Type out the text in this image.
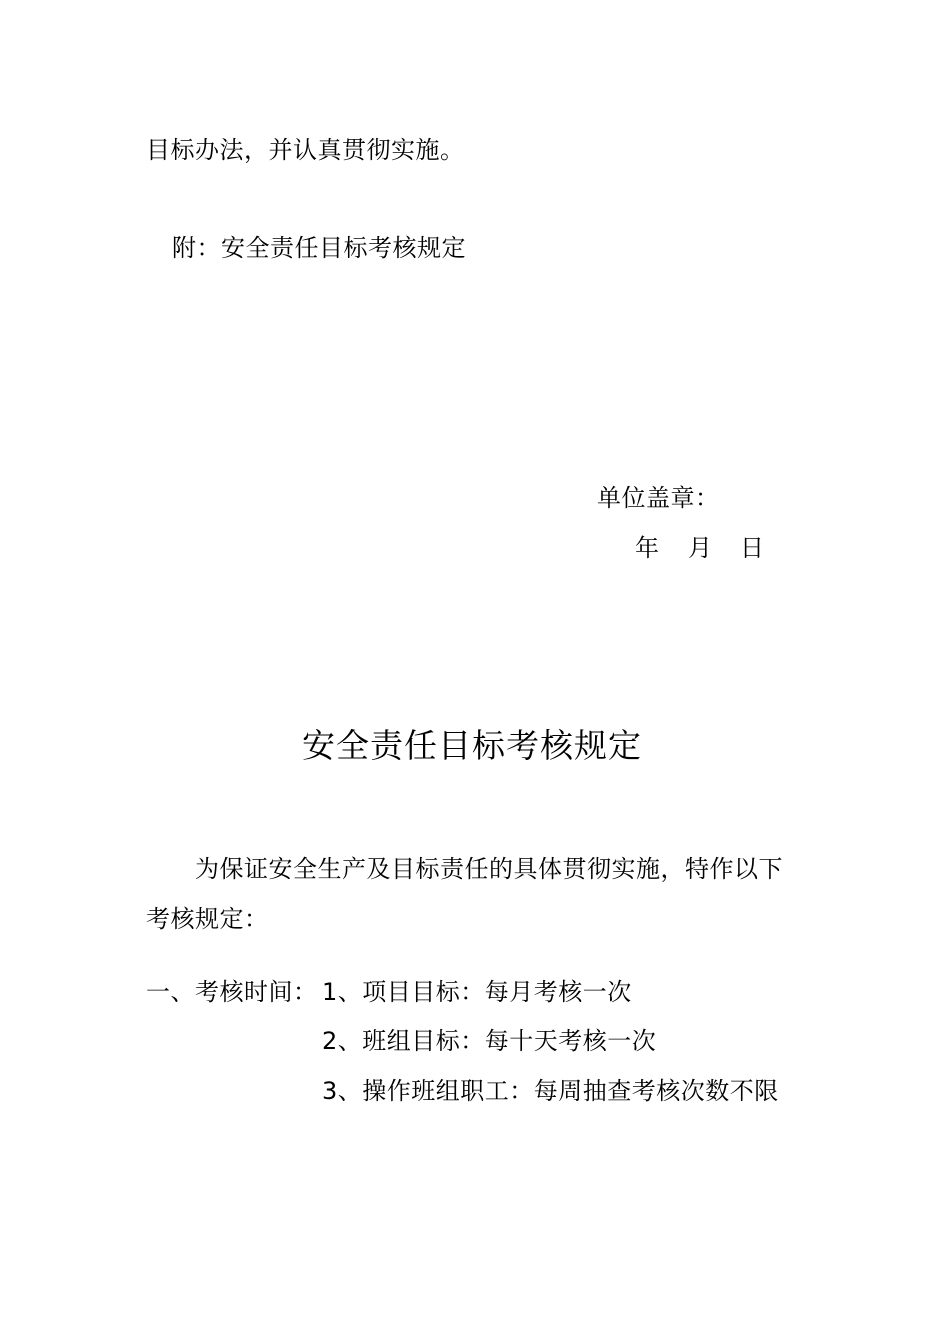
目标办法，并认真贯彻实施。
附：安全责任目标考核规定
单位盖章：
年 月 日
安全责任目标考核规定
为保证安全生产及目标责任的具体贯彻实施，特作以下
考核规定：
一、考核时间： 1、项目目标：每月考核一次
2、班组目标：每十天考核一次
3、操作班组职工：每周抽查考核次数不限
